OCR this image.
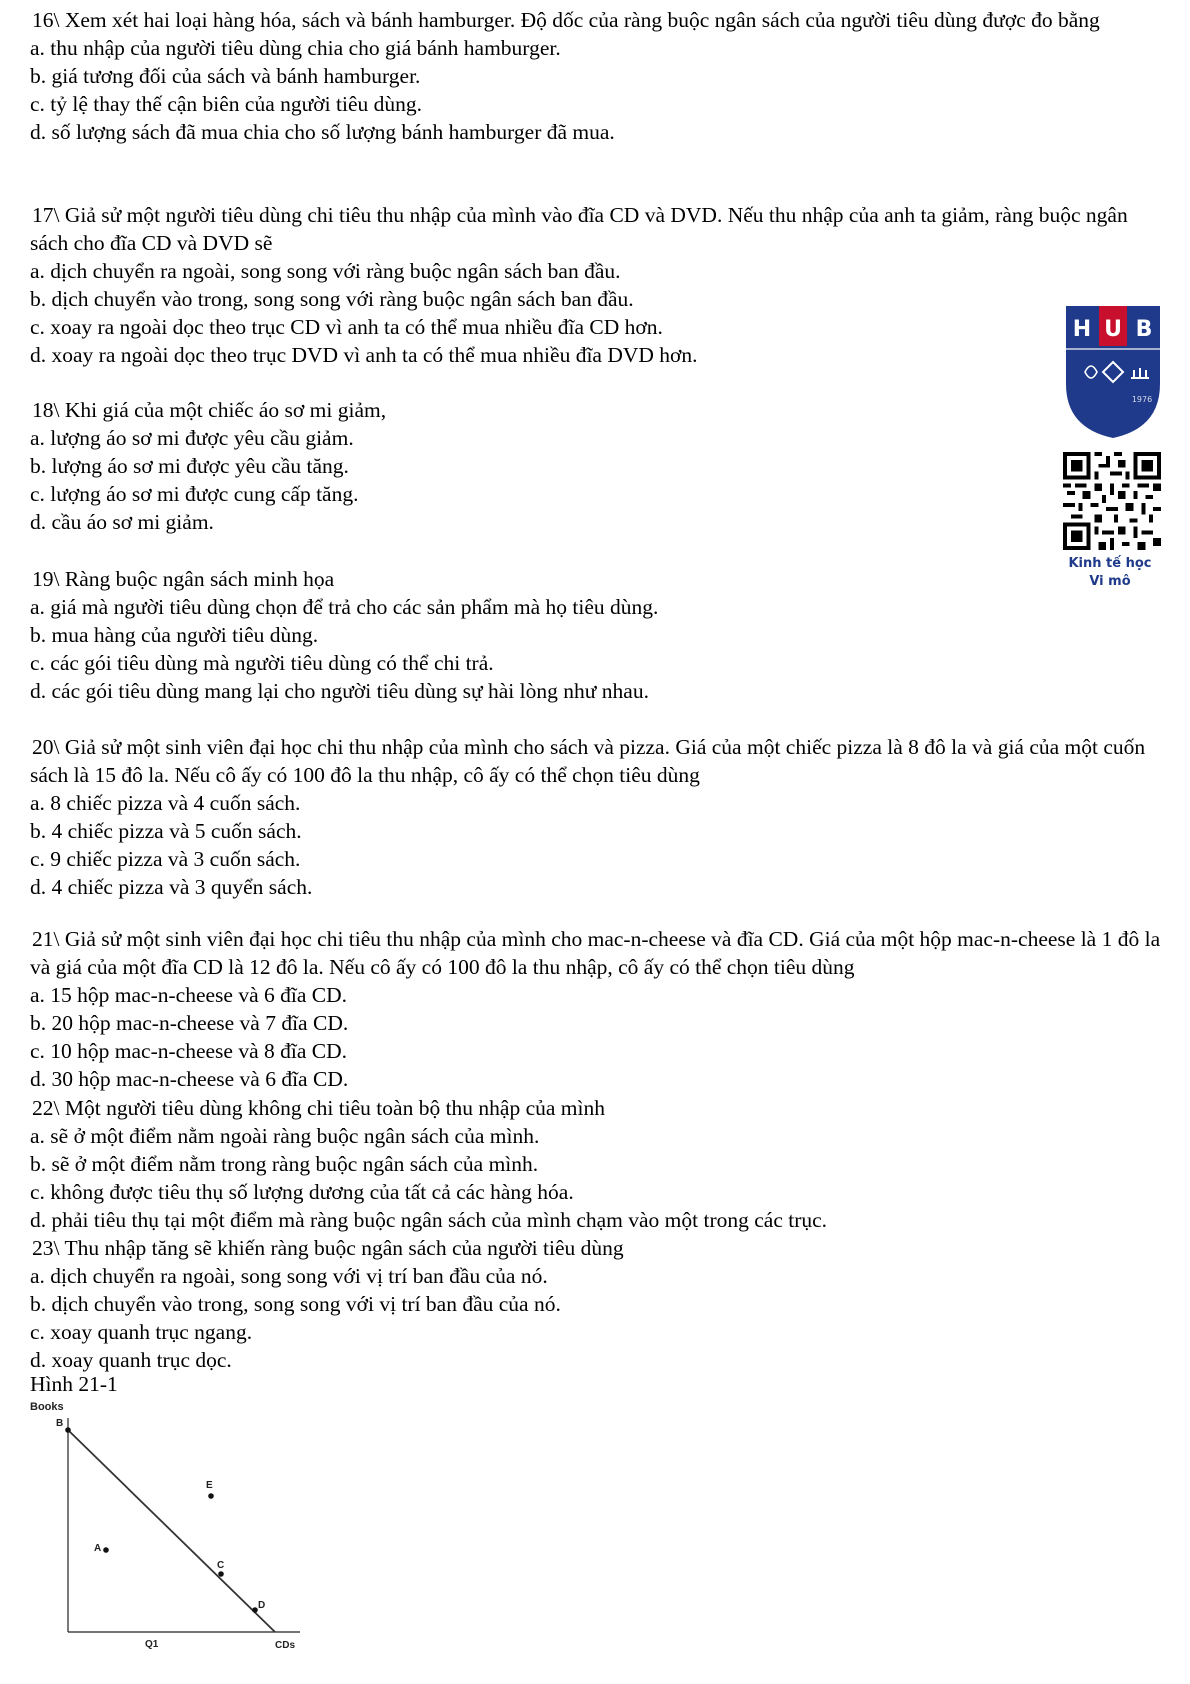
16\ Xem xét hai loại hàng hóa, sách và bánh hamburger. Độ dốc của ràng buộc ngân sách của người tiêu dùng được đo bằng

a. thu nhập của người tiêu dùng chia cho giá bánh hamburger.

b. giá tương đối của sách và bánh hamburger.

c. tỷ lệ thay thế cận biên của người tiêu dùng.

d. số lượng sách đã mua chia cho số lượng bánh hamburger đã mua.

17\ Giả sử một người tiêu dùng chi tiêu thu nhập của mình vào đĩa CD và DVD. Nếu thu nhập của anh ta giảm, ràng buộc ngân sách cho đĩa CD và DVD sẽ

a. dịch chuyển ra ngoài, song song với ràng buộc ngân sách ban đầu.

b. dịch chuyển vào trong, song song với ràng buộc ngân sách ban đầu.

c. xoay ra ngoài dọc theo trục CD vì anh ta có thể mua nhiều đĩa CD hơn.

d. xoay ra ngoài dọc theo trục DVD vì anh ta có thể mua nhiều đĩa DVD hơn.

18\ Khi giá của một chiếc áo sơ mi giảm,

a. lượng áo sơ mi được yêu cầu giảm.

b. lượng áo sơ mi được yêu cầu tăng.

c. lượng áo sơ mi được cung cấp tăng.

d. cầu áo sơ mi giảm.

19\ Ràng buộc ngân sách minh họa

a. giá mà người tiêu dùng chọn để trả cho các sản phẩm mà họ tiêu dùng.

b. mua hàng của người tiêu dùng.

c. các gói tiêu dùng mà người tiêu dùng có thể chi trả.

d. các gói tiêu dùng mang lại cho người tiêu dùng sự hài lòng như nhau.

20\ Giả sử một sinh viên đại học chi thu nhập của mình cho sách và pizza. Giá của một chiếc pizza là 8 đô la và giá của một cuốn sách là 15 đô la. Nếu cô ấy có 100 đô la thu nhập, cô ấy có thể chọn tiêu dùng

a. 8 chiếc pizza và 4 cuốn sách.

b. 4 chiếc pizza và 5 cuốn sách.

c. 9 chiếc pizza và 3 cuốn sách.

d. 4 chiếc pizza và 3 quyển sách.

21\ Giả sử một sinh viên đại học chi tiêu thu nhập của mình cho mac-n-cheese và đĩa CD. Giá của một hộp mac-n-cheese là 1 đô la và giá của một đĩa CD là 12 đô la. Nếu cô ấy có 100 đô la thu nhập, cô ấy có thể chọn tiêu dùng

a. 15 hộp mac-n-cheese và 6 đĩa CD.

b. 20 hộp mac-n-cheese và 7 đĩa CD.

c. 10 hộp mac-n-cheese và 8 đĩa CD.

d. 30 hộp mac-n-cheese và 6 đĩa CD.

22\ Một người tiêu dùng không chi tiêu toàn bộ thu nhập của mình

a. sẽ ở một điểm nằm ngoài ràng buộc ngân sách của mình.

b. sẽ ở một điểm nằm trong ràng buộc ngân sách của mình.

c. không được tiêu thụ số lượng dương của tất cả các hàng hóa.

d. phải tiêu thụ tại một điểm mà ràng buộc ngân sách của mình chạm vào một trong các trục.

23\ Thu nhập tăng sẽ khiến ràng buộc ngân sách của người tiêu dùng

a. dịch chuyển ra ngoài, song song với vị trí ban đầu của nó.

b. dịch chuyển vào trong, song song với vị trí ban đầu của nó.

c. xoay quanh trục ngang.

d. xoay quanh trục dọc.

Hình 21-1
Books
B
E
A
C
D
Q1	CDs
H U B
1976
Kinh tế học
Vi mô
